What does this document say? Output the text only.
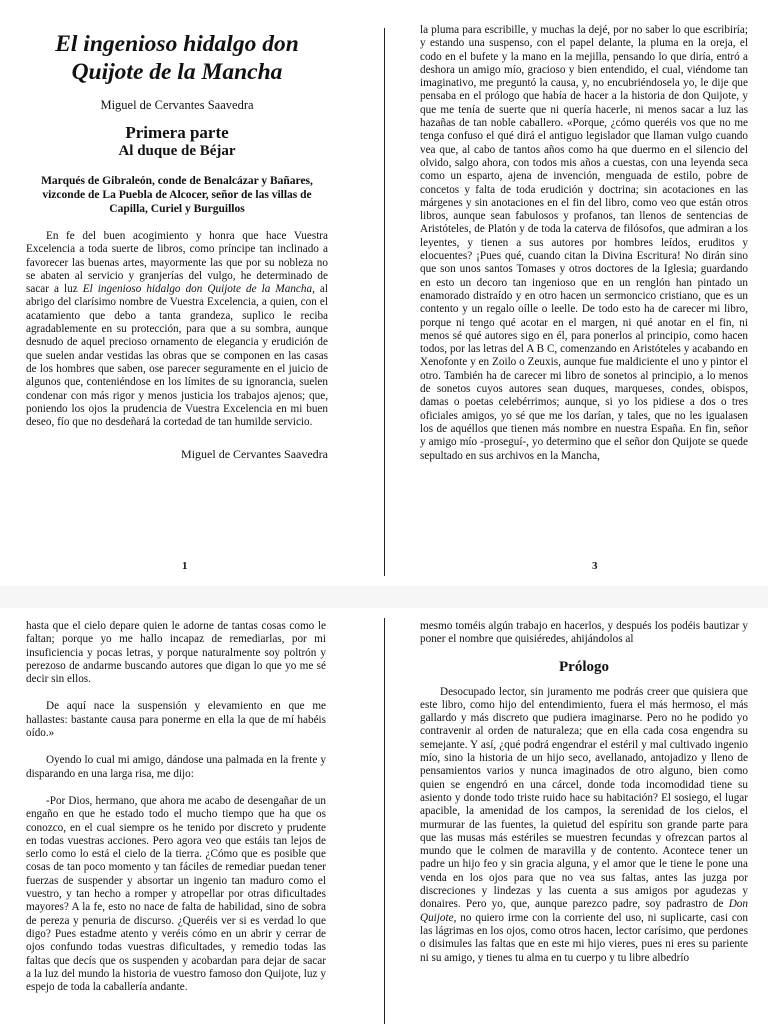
El ingenioso hidalgo don
Quijote de la Mancha

Miguel de Cervantes Saavedra

Primera parte

Al duque de Béjar

Marqués de Gibraleón, conde de Benalcázar y Bañares, vizconde de La Puebla de Alcocer, señor de las villas de Capilla, Curiel y Burguillos

En fe del buen acogimiento y honra que hace Vuestra Excelencia a toda suerte de libros, como príncipe tan inclinado a favorecer las buenas artes, mayormente las que por su nobleza no se abaten al servicio y granjerías del vulgo, he determinado de sacar a luz El ingenioso hidalgo don Quijote de la Mancha, al abrigo del clarísimo nombre de Vuestra Excelencia, a quien, con el acatamiento que debo a tanta grandeza, suplico le reciba agradablemente en su protección, para que a su sombra, aunque desnudo de aquel precioso ornamento de elegancia y erudición de que suelen andar vestidas las obras que se componen en las casas de los hombres que saben, ose parecer seguramente en el juicio de algunos que, conteniéndose en los límites de su ignorancia, suelen condenar con más rigor y menos justicia los trabajos ajenos; que, poniendo los ojos la prudencia de Vuestra Excelencia en mi buen deseo, fío que no desdeñará la cortedad de tan humilde servicio.

Miguel de Cervantes Saavedra

1

la pluma para escribille, y muchas la dejé, por no saber lo que escribiría; y estando una suspenso, con el papel delante, la pluma en la oreja, el codo en el bufete y la mano en la mejilla, pensando lo que diría, entró a deshora un amigo mío, gracioso y bien entendido, el cual, viéndome tan imaginativo, me preguntó la causa, y, no encubriéndosela yo, le dije que pensaba en el prólogo que había de hacer a la historia de don Quijote, y que me tenía de suerte que ni quería hacerle, ni menos sacar a luz las hazañas de tan noble caballero. «Porque, ¿cómo queréis vos que no me tenga confuso el qué dirá el antiguo legislador que llaman vulgo cuando vea que, al cabo de tantos años como ha que duermo en el silencio del olvido, salgo ahora, con todos mis años a cuestas, con una leyenda seca como un esparto, ajena de invención, menguada de estilo, pobre de concetos y falta de toda erudición y doctrina; sin acotaciones en las márgenes y sin anotaciones en el fin del libro, como veo que están otros libros, aunque sean fabulosos y profanos, tan llenos de sentencias de Aristóteles, de Platón y de toda la caterva de filósofos, que admiran a los leyentes, y tienen a sus autores por hombres leídos, eruditos y elocuentes? ¡Pues qué, cuando citan la Divina Escritura! No dirán sino que son unos santos Tomases y otros doctores de la Iglesia; guardando en esto un decoro tan ingenioso que en un renglón han pintado un enamorado distraído y en otro hacen un sermoncico cristiano, que es un contento y un regalo oílle o leelle. De todo esto ha de carecer mi libro, porque ni tengo qué acotar en el margen, ni qué anotar en el fin, ni menos sé qué autores sigo en él, para ponerlos al principio, como hacen todos, por las letras del A B C, comenzando en Aristóteles y acabando en Xenofonte y en Zoilo o Zeuxis, aunque fue maldiciente el uno y pintor el otro. También ha de carecer mi libro de sonetos al principio, a lo menos de sonetos cuyos autores sean duques, marqueses, condes, obispos, damas o poetas celebérrimos; aunque, si yo los pidiese a dos o tres oficiales amigos, yo sé que me los darían, y tales, que no les igualasen los de aquéllos que tienen más nombre en nuestra España. En fin, señor y amigo mío -proseguí-, yo determino que el señor don Quijote se quede sepultado en sus archivos en la Mancha,

3

hasta que el cielo depare quien le adorne de tantas cosas como le faltan; porque yo me hallo incapaz de remediarlas, por mi insuficiencia y pocas letras, y porque naturalmente soy poltrón y perezoso de andarme buscando autores que digan lo que yo me sé decir sin ellos.

De aquí nace la suspensión y elevamiento en que me hallastes: bastante causa para ponerme en ella la que de mí habéis oído.»

Oyendo lo cual mi amigo, dándose una palmada en la frente y disparando en una larga risa, me dijo:

-Por Dios, hermano, que ahora me acabo de desengañar de un engaño en que he estado todo el mucho tiempo que ha que os conozco, en el cual siempre os he tenido por discreto y prudente en todas vuestras acciones. Pero agora veo que estáis tan lejos de serlo como lo está el cielo de la tierra. ¿Cómo que es posible que cosas de tan poco momento y tan fáciles de remediar puedan tener fuerzas de suspender y absortar un ingenio tan maduro como el vuestro, y tan hecho a romper y atropellar por otras dificultades mayores? A la fe, esto no nace de falta de habilidad, sino de sobra de pereza y penuria de discurso. ¿Queréis ver si es verdad lo que digo? Pues estadme atento y veréis cómo en un abrir y cerrar de ojos confundo todas vuestras dificultades, y remedio todas las faltas que decís que os suspenden y acobardan para dejar de sacar a la luz del mundo la historia de vuestro famoso don Quijote, luz y espejo de toda la caballería andante.

mesmo toméis algún trabajo en hacerlos, y después los podéis bautizar y poner el nombre que quisiéredes, ahijándolos al

Prólogo

Desocupado lector, sin juramento me podrás creer que quisiera que este libro, como hijo del entendimiento, fuera el más hermoso, el más gallardo y más discreto que pudiera imaginarse. Pero no he podido yo contravenir al orden de naturaleza; que en ella cada cosa engendra su semejante. Y así, ¿qué podrá engendrar el estéril y mal cultivado ingenio mío, sino la historia de un hijo seco, avellanado, antojadizo y lleno de pensamientos varios y nunca imaginados de otro alguno, bien como quien se engendró en una cárcel, donde toda incomodidad tiene su asiento y donde todo triste ruido hace su habitación? El sosiego, el lugar apacible, la amenidad de los campos, la serenidad de los cielos, el murmurar de las fuentes, la quietud del espíritu son grande parte para que las musas más estériles se muestren fecundas y ofrezcan partos al mundo que le colmen de maravilla y de contento. Acontece tener un padre un hijo feo y sin gracia alguna, y el amor que le tiene le pone una venda en los ojos para que no vea sus faltas, antes las juzga por discreciones y lindezas y las cuenta a sus amigos por agudezas y donaires. Pero yo, que, aunque parezco padre, soy padrastro de Don Quijote, no quiero irme con la corriente del uso, ni suplicarte, casi con las lágrimas en los ojos, como otros hacen, lector carísimo, que perdones o disimules las faltas que en este mi hijo vieres, pues ni eres su pariente ni su amigo, y tienes tu alma en tu cuerpo y tu libre albedrío
